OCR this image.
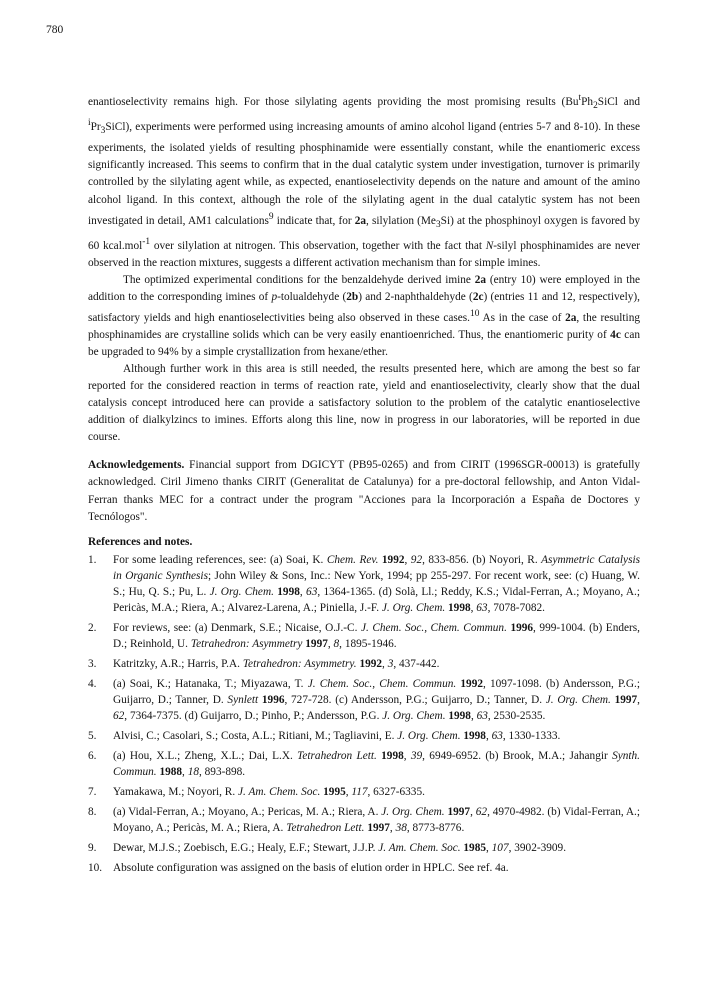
780

enantioselectivity remains high. For those silylating agents providing the most promising results ($Bu^tPh_2SiCl$ and $^iPr_3SiCl$), experiments were performed using increasing amounts of amino alcohol ligand (entries 5-7 and 8-10). In these experiments, the isolated yields of resulting phosphinamide were essentially constant, while the enantiomeric excess significantly increased. This seems to confirm that in the dual catalytic system under investigation, turnover is primarily controlled by the silylating agent while, as expected, enantioselectivity depends on the nature and amount of the amino alcohol ligand. In this context, although the role of the silylating agent in the dual catalytic system has not been investigated in detail, AM1 calculations$^9$ indicate that, for 2a, silylation $(Me_3Si)$ at the phosphinoyl oxygen is favored by 60 kcal.mol$^{-1}$ over silylation at nitrogen. This observation, together with the fact that N-silyl phosphinamides are never observed in the reaction mixtures, suggests a different activation mechanism than for simple imines.

The optimized experimental conditions for the benzaldehyde derived imine 2a (entry 10) were employed in the addition to the corresponding imines of p-tolualdehyde (2b) and 2-naphthaldehyde (2c) (entries 11 and 12, respectively), satisfactory yields and high enantioselectivities being also observed in these cases.$^{10}$ As in the case of 2a, the resulting phosphinamides are crystalline solids which can be very easily enantioenriched. Thus, the enantiomeric purity of 4c can be upgraded to 94% by a simple crystallization from hexane/ether.

Although further work in this area is still needed, the results presented here, which are among the best so far reported for the considered reaction in terms of reaction rate, yield and enantioselectivity, clearly show that the dual catalysis concept introduced here can provide a satisfactory solution to the problem of the catalytic enantioselective addition of dialkylzincs to imines. Efforts along this line, now in progress in our laboratories, will be reported in due course.

Acknowledgements. Financial support from DGICYT (PB95-0265) and from CIRIT (1996SGR-00013) is gratefully acknowledged. Ciril Jimeno thanks CIRIT (Generalitat de Catalunya) for a pre-doctoral fellowship, and Anton Vidal-Ferran thanks MEC for a contract under the program "Acciones para la Incorporación a España de Doctores y Tecnólogos".

References and notes.
1.	For some leading references, see: (a) Soai, K. Chem. Rev. 1992, 92, 833-856. (b) Noyori, R. Asymmetric Catalysis in Organic Synthesis; John Wiley & Sons, Inc.: New York, 1994; pp 255-297. For recent work, see: (c) Huang, W. S.; Hu, Q. S.; Pu, L. J. Org. Chem. 1998, 63, 1364-1365. (d) Solà, Ll.; Reddy, K.S.; Vidal-Ferran, A.; Moyano, A.; Pericàs, M.A.; Riera, A.; Alvarez-Larena, A.; Piniella, J.-F. J. Org. Chem. 1998, 63, 7078-7082.
2.	For reviews, see: (a) Denmark, S.E.; Nicaise, O.J.-C. J. Chem. Soc., Chem. Commun. 1996, 999-1004. (b) Enders, D.; Reinhold, U. Tetrahedron: Asymmetry 1997, 8, 1895-1946.
3.	Katritzky, A.R.; Harris, P.A. Tetrahedron: Asymmetry. 1992, 3, 437-442.
4.	(a) Soai, K.; Hatanaka, T.; Miyazawa, T. J. Chem. Soc., Chem. Commun. 1992, 1097-1098. (b) Andersson, P.G.; Guijarro, D.; Tanner, D. Synlett 1996, 727-728. (c) Andersson, P.G.; Guijarro, D.; Tanner, D. J. Org. Chem. 1997, 62, 7364-7375. (d) Guijarro, D.; Pinho, P.; Andersson, P.G. J. Org. Chem. 1998, 63, 2530-2535.
5.	Alvisi, C.; Casolari, S.; Costa, A.L.; Ritiani, M.; Tagliavini, E. J. Org. Chem. 1998, 63, 1330-1333.
6.	(a) Hou, X.L.; Zheng, X.L.; Dai, L.X. Tetrahedron Lett. 1998, 39, 6949-6952. (b) Brook, M.A.; Jahangir Synth. Commun. 1988, 18, 893-898.
7.	Yamakawa, M.; Noyori, R. J. Am. Chem. Soc. 1995, 117, 6327-6335.
8.	(a) Vidal-Ferran, A.; Moyano, A.; Pericas, M. A.; Riera, A. J. Org. Chem. 1997, 62, 4970-4982. (b) Vidal-Ferran, A.; Moyano, A.; Pericàs, M. A.; Riera, A. Tetrahedron Lett. 1997, 38, 8773-8776.
9.	Dewar, M.J.S.; Zoebisch, E.G.; Healy, E.F.; Stewart, J.J.P. J. Am. Chem. Soc. 1985, 107, 3902-3909.
10. Absolute configuration was assigned on the basis of elution order in HPLC. See ref. 4a.
